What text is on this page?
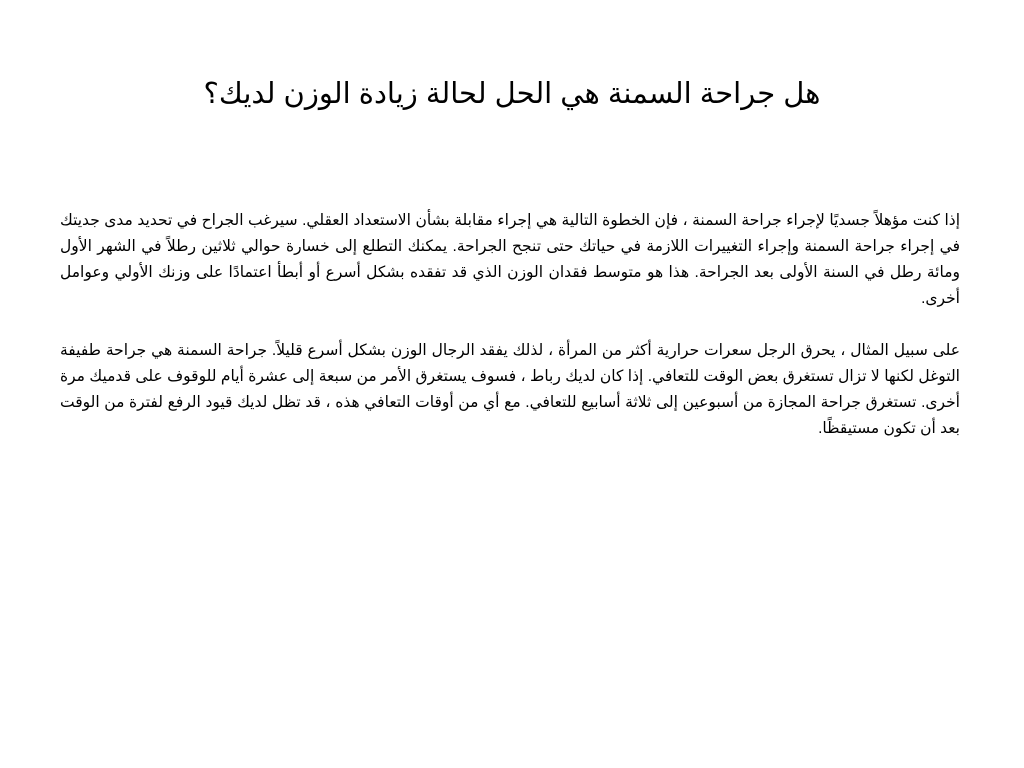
هل جراحة السمنة هي الحل لحالة زيادة الوزن لديك؟

إذا كنت مؤهلاً جسديًا لإجراء جراحة السمنة ، فإن الخطوة التالية هي إجراء مقابلة بشأن الاستعداد العقلي. سيرغب الجراح في تحديد مدى جديتك في إجراء جراحة السمنة وإجراء التغييرات اللازمة في حياتك حتى تنجح الجراحة. يمكنك التطلع إلى خسارة حوالي ثلاثين رطلاً في الشهر الأول ومائة رطل في السنة الأولى بعد الجراحة. هذا هو متوسط فقدان الوزن الذي قد تفقده بشكل أسرع أو أبطأ اعتمادًا على وزنك الأولي وعوامل أخرى.

على سبيل المثال ، يحرق الرجل سعرات حرارية أكثر من المرأة ، لذلك يفقد الرجال الوزن بشكل أسرع قليلاً. جراحة السمنة هي جراحة طفيفة التوغل لكنها لا تزال تستغرق بعض الوقت للتعافي. إذا كان لديك رباط ، فسوف يستغرق الأمر من سبعة إلى عشرة أيام للوقوف على قدميك مرة أخرى. تستغرق جراحة المجازة من أسبوعين إلى ثلاثة أسابيع للتعافي. مع أي من أوقات التعافي هذه ، قد تظل لديك قيود الرفع لفترة من الوقت بعد أن تكون مستيقظًا.
